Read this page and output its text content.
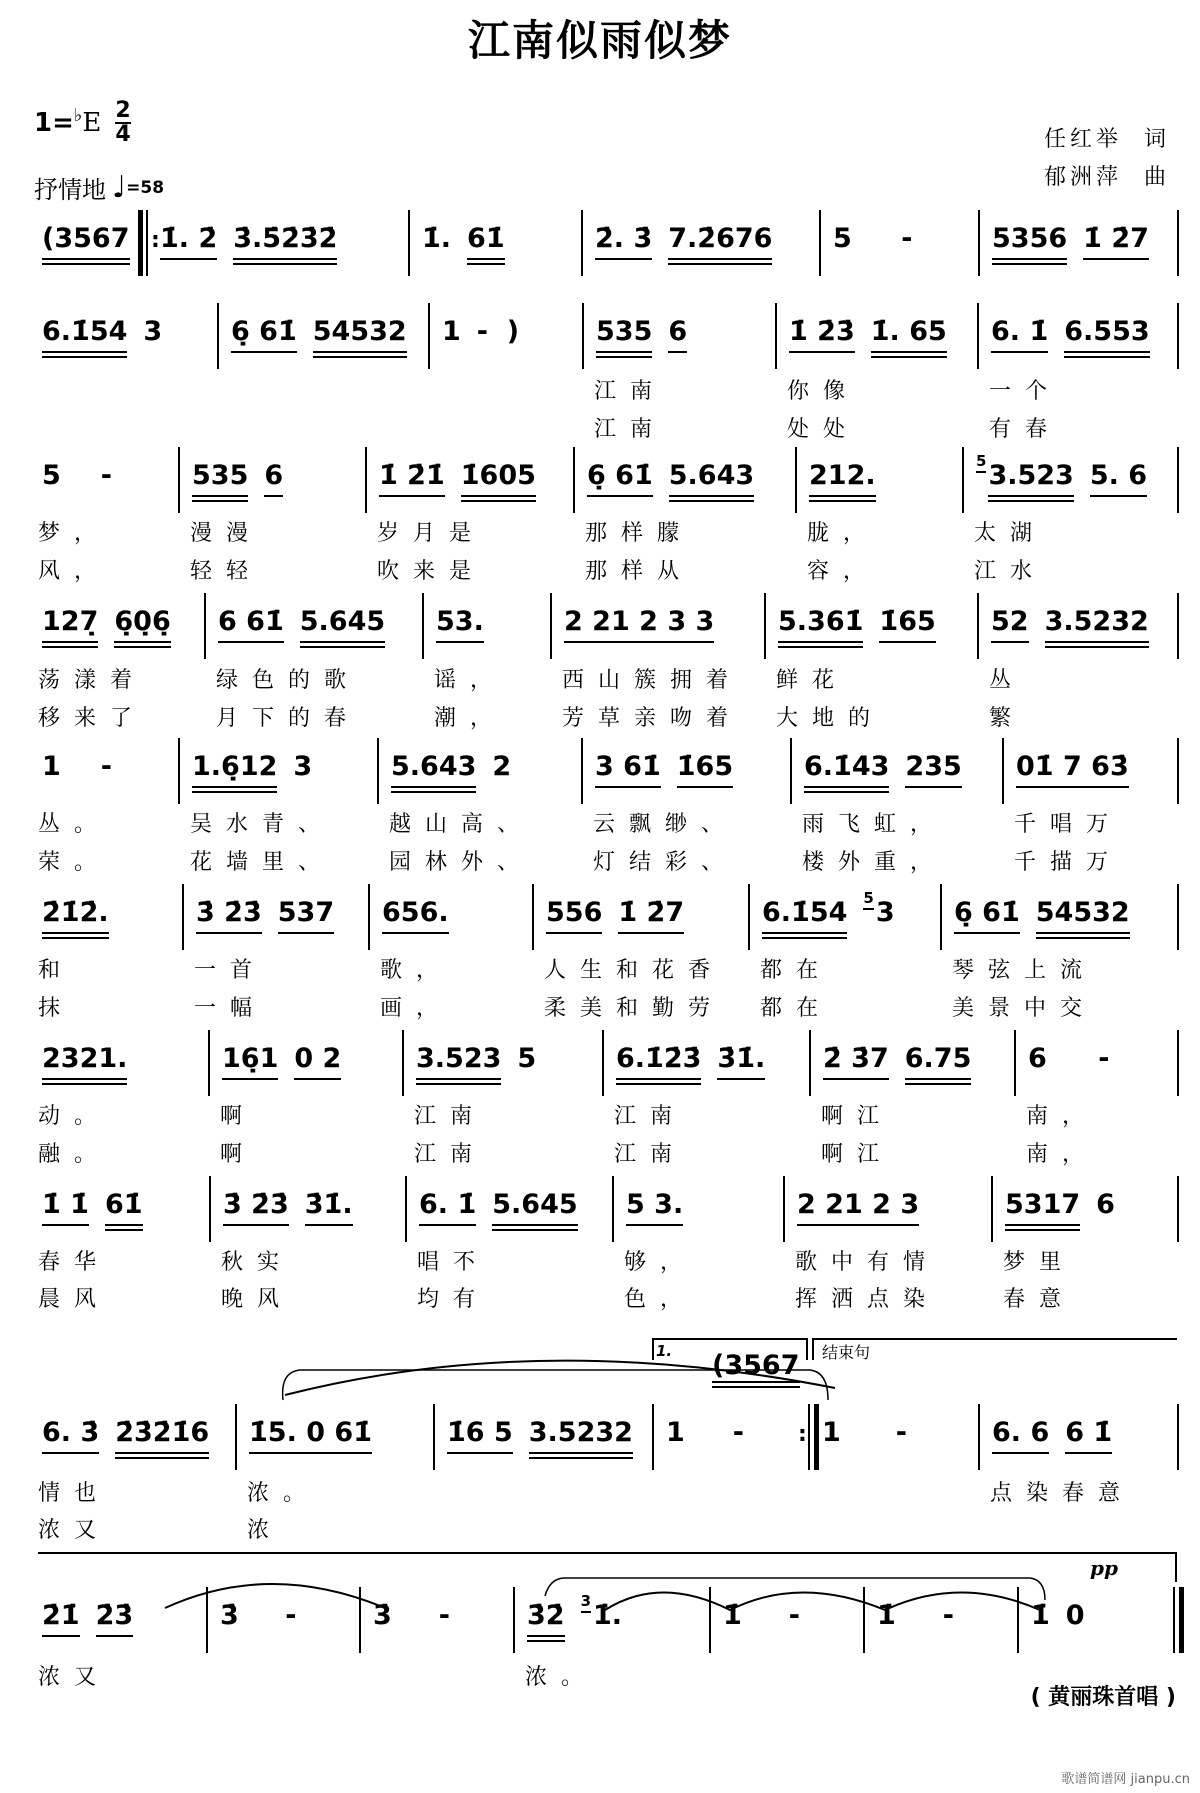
江南似雨似梦
1= ♭ E $\frac{2}{4}$
抒情地 ♩ =58
任红举 词
郁洲萍 曲
:
(3567 1̇. 2̇ 3̇.5̇2̇3̇2̇	1̇. 61̇	2̇. 3̇ 7.2̇676 5 -	5356 1̇ 2̇7
6.1̇54 3	6̣ 61̇ 54532 1 -  )	535 6	1̇ 2̇3̇ 1̇. 65 6. 1̇ 6.553
江南	你像	一个
江南	处处	有春
5 -	535 6	1̇ 2̇1̇ 1̇605 6̣ 61̇ 5.643 212.	5 3.523 5. 6
梦，	漫漫	岁月是	那样朦	胧，	太湖
风，	轻轻	吹来是	那样从	容，	江水
127̣ 6̣0̣6̣ 6 61̇ 5.645 53.	2 21 2 3 3 5.361̇ 1̇65 52 3.5232
荡漾着	绿色的歌	谣，	西山簇拥着 鲜花	丛
移来了	月下的春	潮，	芳草亲吻着 大地的	繁
1 -	1.6̣12 3	5.643 2	3 61̇ 1̇65	6.1̇43 235 01̇ 7 63̇
丛。	吴水青、 越山高、	云飘缈、	雨飞虹，	千唱万
荣。	花墙里、 园林外、	灯结彩、	楼外重，	千描万
2̇1̇2̇.	3̇ 2̇3̇ 537 656.	556 1̇ 2̇7	6.1̇54 5 3 6̣ 61̇ 54532
和	一首	歌，	人生和花香 都在	琴弦上流
抹	一幅	画，	柔美和勤劳 都在	美景中交
2321.	16̣1 0 2	3.523 5	6.1̇2̇3̇ 3̇1̇. 2̇ 3̇7 6.75 6 -
动。	啊	江南	江南	啊江	南，
融。	啊	江南	江南	啊江	南，
1̇ 1̇ 61̇	3̇ 2̇3̇ 3̇1̇. 6. 1̇ 5.645 5 3.	2 21 2 3	5317 6
春华	秋实	唱不	够，	歌中有情	梦里
晨风	晚风	均有	色，	挥洒点染	春意
:
6. 3̇ 2̇3̇2̇1̇6 1̇5. 0 61̇	1̇6 5 3.5232 1 -	1 -	6. 6 6 1̇
情也	浓。	点染春意
浓又	浓
2̇1̇ 2̇3̇	3̇ -	3̇ -	3̇2̇ 3 1̇.	1̇ -	1̇ -	1̇ 0
浓又	浓。
1.	结束句
(3567
pp
( 黄丽珠首唱 )
歌谱简谱网 jianpu.cn
